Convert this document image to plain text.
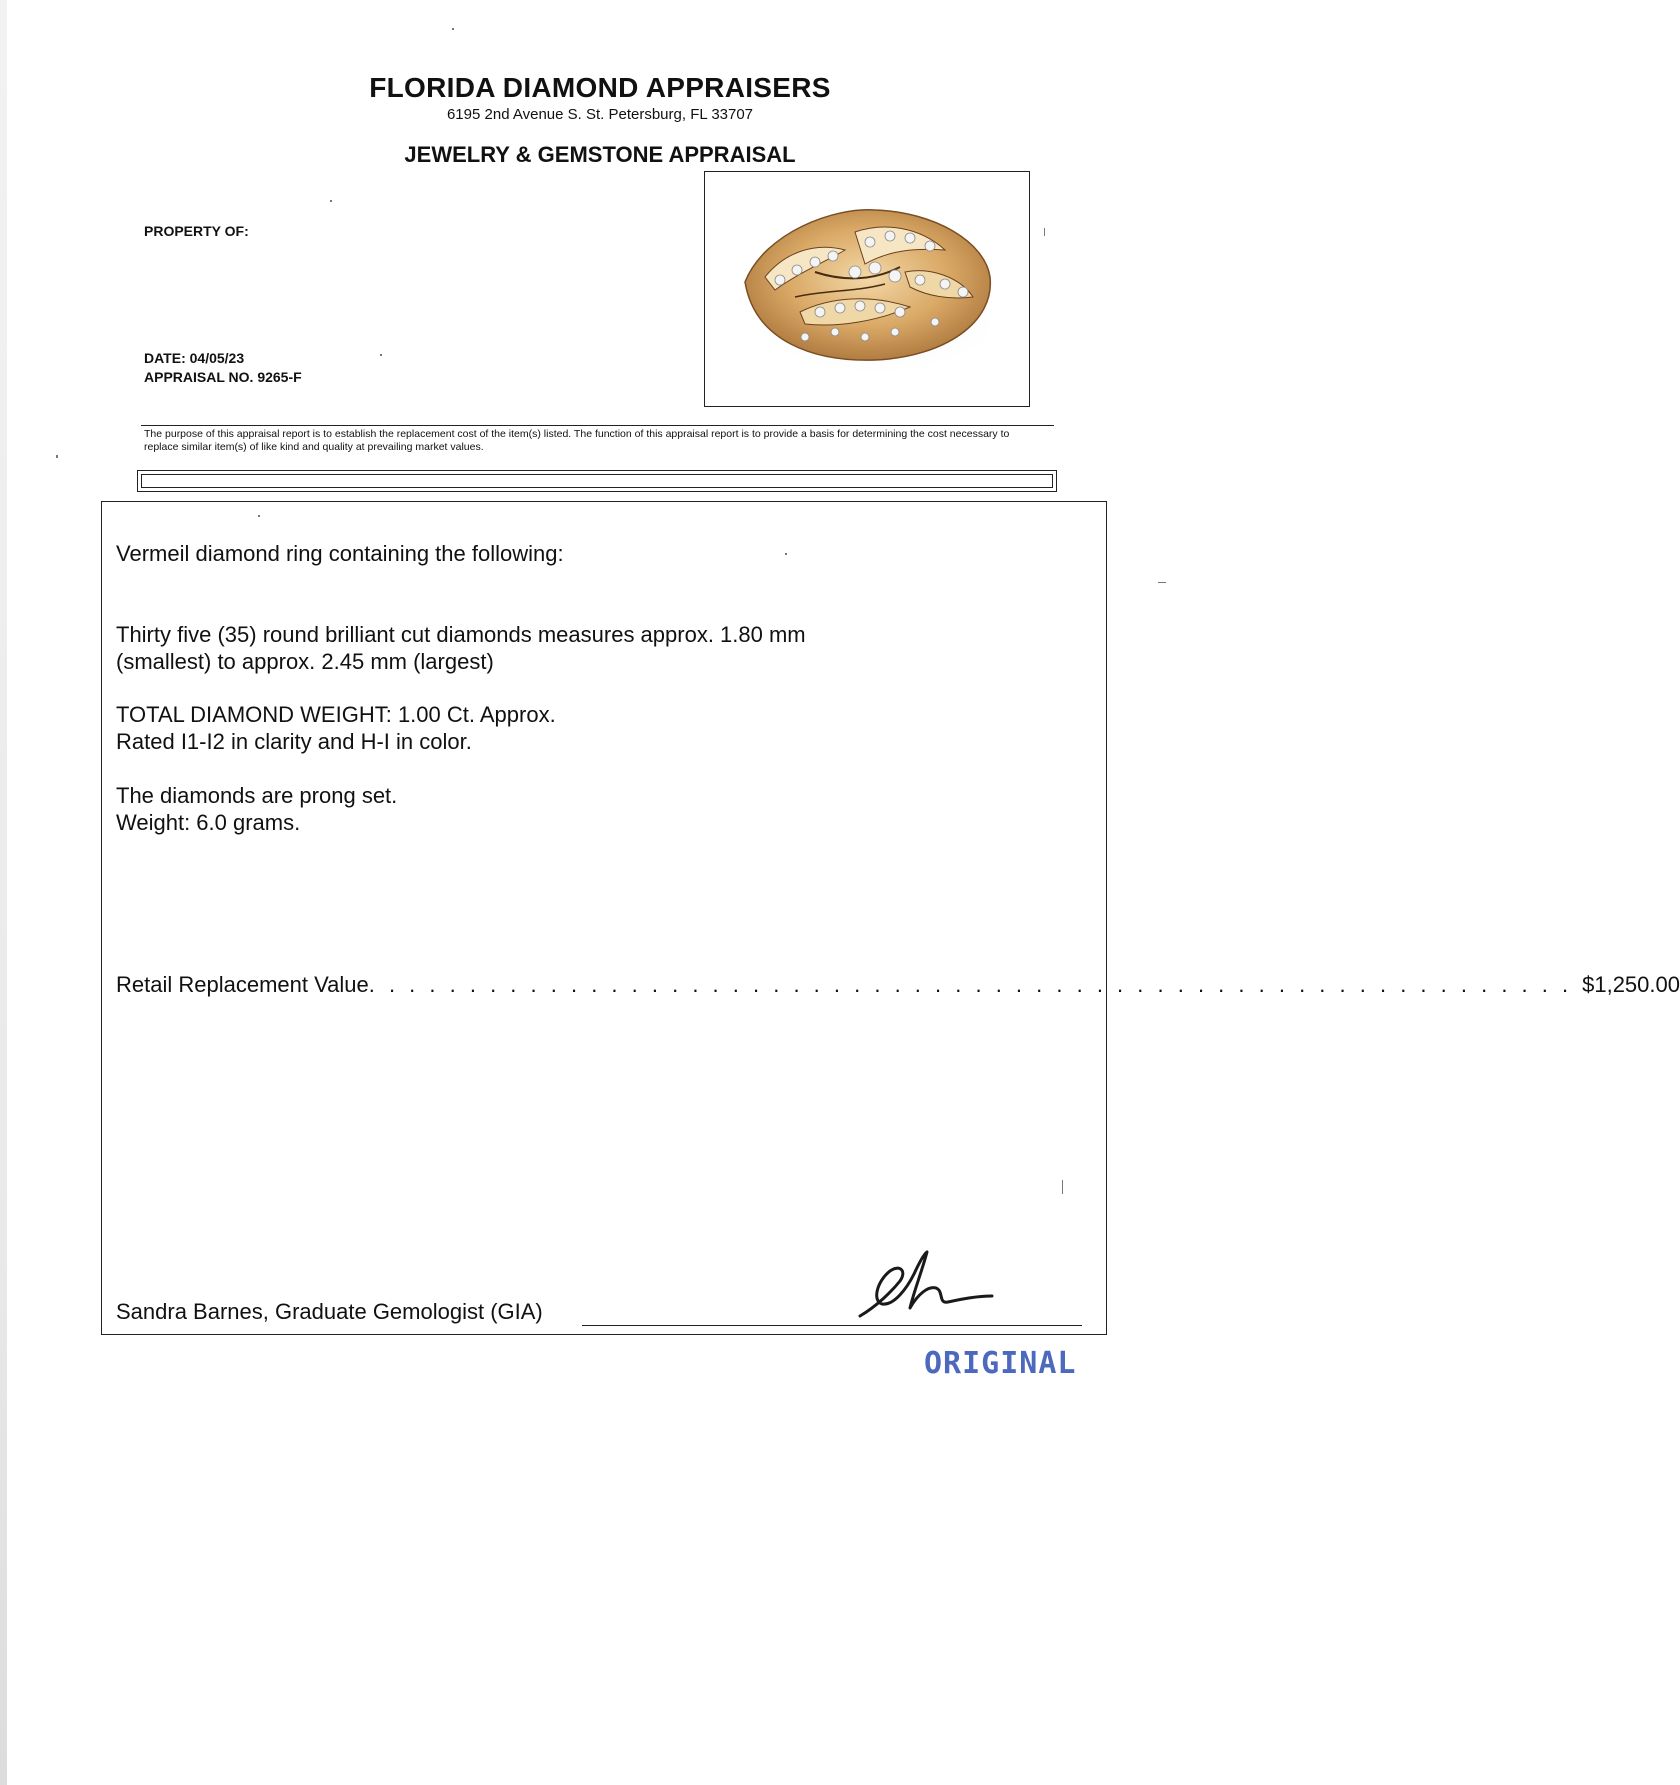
FLORIDA DIAMOND APPRAISERS
6195 2nd Avenue S. St. Petersburg, FL 33707
JEWELRY & GEMSTONE APPRAISAL
PROPERTY OF:
DATE: 04/05/23
APPRAISAL NO. 9265-F
The purpose of this appraisal report is to establish the replacement cost of the item(s) listed. The function of this appraisal report is to provide a basis for determining the cost necessary to replace similar item(s) of like kind and quality at prevailing market values.
Vermeil diamond ring containing the following:
Thirty five (35) round brilliant cut diamonds measures approx. 1.80 mm
(smallest) to approx. 2.45 mm (largest)
TOTAL DIAMOND WEIGHT: 1.00 Ct. Approx.
Rated I1-I2 in clarity and H-I in color.
The diamonds are prong set.
Weight: 6.0 grams.
Retail Replacement Value . . . . . . . . . . . . . . . . . . . . . . . . . . . . . . . . . . . . . . . . . . . . . . . . . . . . . . . . . . . . $1,250.00
Sandra Barnes, Graduate Gemologist (GIA)
ORIGINAL
